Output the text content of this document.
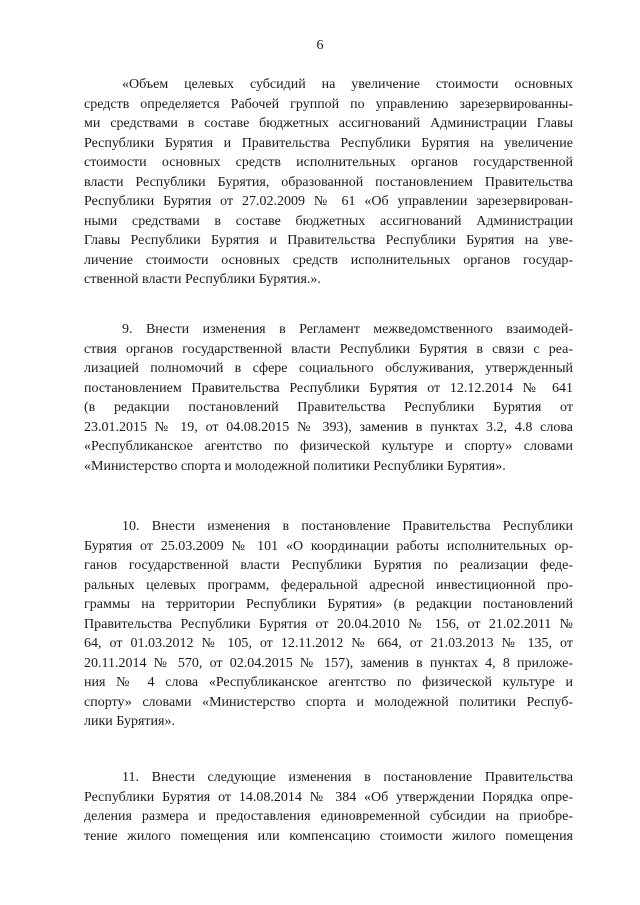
6
«Объем целевых субсидий на увеличение стоимости основных
средств определяется Рабочей группой по управлению зарезервированны-
ми средствами в составе бюджетных ассигнований Администрации Главы
Республики Бурятия и Правительства Республики Бурятия на увеличение
стоимости основных средств исполнительных органов государственной
власти Республики Бурятия, образованной постановлением Правительства
Республики Бурятия от 27.02.2009 № 61 «Об управлении зарезервирован-
ными средствами в составе бюджетных ассигнований Администрации
Главы Республики Бурятия и Правительства Республики Бурятия на уве-
личение стоимости основных средств исполнительных органов государ-
ственной власти Республики Бурятия.».
9. Внести изменения в Регламент межведомственного взаимодей-
ствия органов государственной власти Республики Бурятия в связи с реа-
лизацией полномочий в сфере социального обслуживания, утвержденный
постановлением Правительства Республики Бурятия от 12.12.2014 № 641
(в редакции постановлений Правительства Республики Бурятия от
23.01.2015 № 19, от 04.08.2015 № 393), заменив в пунктах 3.2, 4.8 слова
«Республиканское агентство по физической культуре и спорту» словами
«Министерство спорта и молодежной политики Республики Бурятия».
10. Внести изменения в постановление Правительства Республики
Бурятия от 25.03.2009 № 101 «О координации работы исполнительных ор-
ганов государственной власти Республики Бурятия по реализации феде-
ральных целевых программ, федеральной адресной инвестиционной про-
граммы на территории Республики Бурятия» (в редакции постановлений
Правительства Республики Бурятия от 20.04.2010 № 156, от 21.02.2011 №
64, от 01.03.2012 № 105, от 12.11.2012 № 664, от 21.03.2013 № 135, от
20.11.2014 № 570, от 02.04.2015 № 157), заменив в пунктах 4, 8 приложе-
ния № 4 слова «Республиканское агентство по физической культуре и
спорту» словами «Министерство спорта и молодежной политики Респуб-
лики Бурятия».
11. Внести следующие изменения в постановление Правительства
Республики Бурятия от 14.08.2014 № 384 «Об утверждении Порядка опре-
деления размера и предоставления единовременной субсидии на приобре-
тение жилого помещения или компенсацию стоимости жилого помещения
